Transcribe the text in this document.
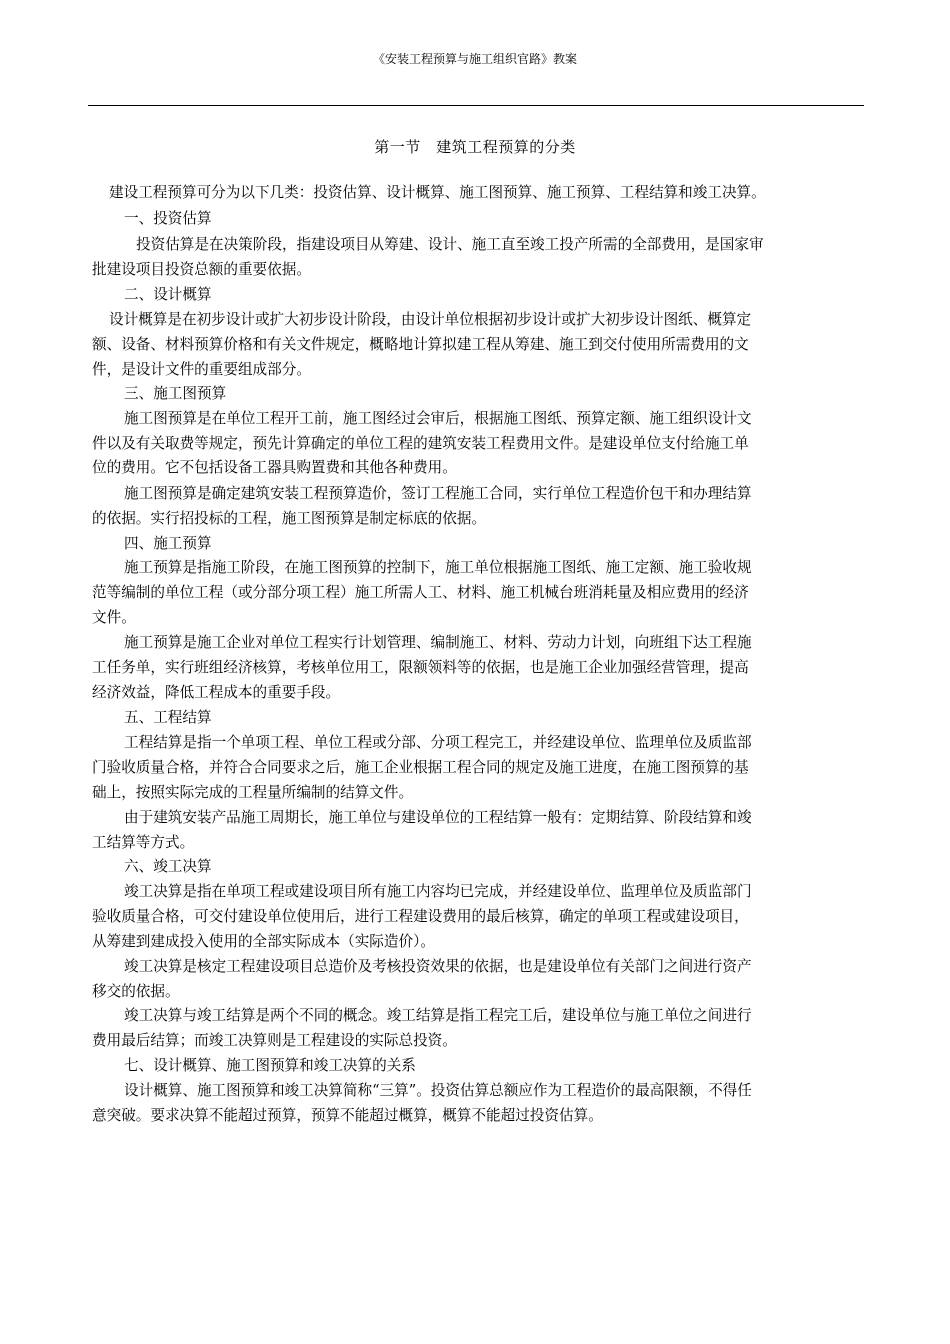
《安装工程预算与施工组织官路》教案
第一节　建筑工程预算的分类
建设工程预算可分为以下几类：投资估算、设计概算、施工图预算、施工预算、工程结算和竣工决算。
一、投资估算
投资估算是在决策阶段，指建设项目从筹建、设计、施工直至竣工投产所需的全部费用，是国家审
批建设项目投资总额的重要依据。
二、设计概算
设计概算是在初步设计或扩大初步设计阶段，由设计单位根据初步设计或扩大初步设计图纸、概算定
额、设备、材料预算价格和有关文件规定，概略地计算拟建工程从筹建、施工到交付使用所需费用的文
件，是设计文件的重要组成部分。
三、施工图预算
施工图预算是在单位工程开工前，施工图经过会审后，根据施工图纸、预算定额、施工组织设计文
件以及有关取费等规定，预先计算确定的单位工程的建筑安装工程费用文件。是建设单位支付给施工单
位的费用。它不包括设备工器具购置费和其他各种费用。
施工图预算是确定建筑安装工程预算造价，签订工程施工合同，实行单位工程造价包干和办理结算
的依据。实行招投标的工程，施工图预算是制定标底的依据。
四、施工预算
施工预算是指施工阶段，在施工图预算的控制下，施工单位根据施工图纸、施工定额、施工验收规
范等编制的单位工程（或分部分项工程）施工所需人工、材料、施工机械台班消耗量及相应费用的经济
文件。
施工预算是施工企业对单位工程实行计划管理、编制施工、材料、劳动力计划，向班组下达工程施
工任务单，实行班组经济核算，考核单位用工，限额领料等的依据，也是施工企业加强经营管理，提高
经济效益，降低工程成本的重要手段。
五、工程结算
工程结算是指一个单项工程、单位工程或分部、分项工程完工，并经建设单位、监理单位及质监部
门验收质量合格，并符合合同要求之后，施工企业根据工程合同的规定及施工进度，在施工图预算的基
础上，按照实际完成的工程量所编制的结算文件。
由于建筑安装产品施工周期长，施工单位与建设单位的工程结算一般有：定期结算、阶段结算和竣
工结算等方式。
六、竣工决算
竣工决算是指在单项工程或建设项目所有施工内容均已完成，并经建设单位、监理单位及质监部门
验收质量合格，可交付建设单位使用后，进行工程建设费用的最后核算，确定的单项工程或建设项目，
从筹建到建成投入使用的全部实际成本（实际造价）。
竣工决算是核定工程建设项目总造价及考核投资效果的依据，也是建设单位有关部门之间进行资产
移交的依据。
竣工决算与竣工结算是两个不同的概念。竣工结算是指工程完工后，建设单位与施工单位之间进行
费用最后结算；而竣工决算则是工程建设的实际总投资。
七、设计概算、施工图预算和竣工决算的关系
设计概算、施工图预算和竣工决算简称“三算”。投资估算总额应作为工程造价的最高限额，不得任
意突破。要求决算不能超过预算，预算不能超过概算，概算不能超过投资估算。
